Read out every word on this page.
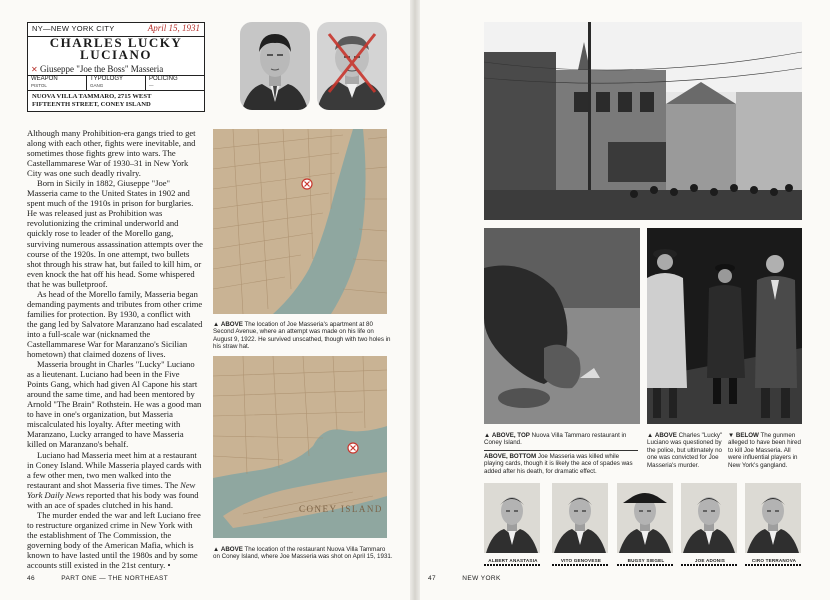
NY—NEW YORK CITY	April 15, 1931
CHARLES LUCKY LUCIANO
✕ Giuseppe "Joe the Boss" Masseria
WEAPON
PISTOL
TYPOLOGY
GANG
POLICING
—
NUOVA VILLA TAMMARO, 2715 WEST
FIFTEENTH STREET, CONEY ISLAND

Although many Prohibition-era gangs tried to get along with each other, fights were inevitable, and sometimes those fights grew into wars. The Castellammarese War of 1930–31 in New York City was one such deadly rivalry.

Born in Sicily in 1882, Giuseppe "Joe" Masseria came to the United States in 1902 and spent much of the 1910s in prison for burglaries. He was released just as Prohibition was revolutionizing the criminal underworld and quickly rose to leader of the Morello gang, surviving numerous assassination attempts over the course of the 1920s. In one attempt, two bullets shot through his straw hat, but failed to kill him, or even knock the hat off his head. Some whispered that he was bulletproof.

As head of the Morello family, Masseria began demanding payments and tributes from other crime families for protection. By 1930, a conflict with the gang led by Salvatore Maranzano had escalated into a full-scale war (nicknamed the Castellammarese War for Maranzano's Sicilian hometown) that claimed dozens of lives.

Masseria brought in Charles "Lucky" Luciano as a lieutenant. Luciano had been in the Five Points Gang, which had given Al Capone his start around the same time, and had been mentored by Arnold "The Brain" Rothstein. He was a good man to have in one's organization, but Masseria miscalculated his loyalty. After meeting with Maranzano, Lucky arranged to have Masseria killed on Maranzano's behalf.

Luciano had Masseria meet him at a restaurant in Coney Island. While Masseria played cards with a few other men, two men walked into the restaurant and shot Masseria five times. The New York Daily News reported that his body was found with an ace of spades clutched in his hand.

The murder ended the war and left Luciano free to restructure organized crime in New York with the establishment of The Commission, the governing body of the American Mafia, which is known to have lasted until the 1980s and by some accounts still existed in the 21st century. •

▲ ABOVE The location of Joe Masseria's apartment at 80 Second Avenue, where an attempt was made on his life on August 9, 1922. He survived unscathed, though with two holes in his straw hat.
CONEY ISLAND
▲ ABOVE The location of the restaurant Nuova Villa Tammaro on Coney Island, where Joe Masseria was shot on April 15, 1931.
46	PART ONE — THE NORTHEAST
▲ ABOVE, TOP Nuova Villa Tammaro restaurant in Coney Island.
ABOVE, BOTTOM Joe Masseria was killed while playing cards, though it is likely the ace of spades was added after his death, for dramatic effect.
▲ ABOVE Charles "Lucky" Luciano was questioned by the police, but ultimately no one was convicted for Joe Masseria's murder.
▼ BELOW The gunmen alleged to have been hired to kill Joe Masseria. All were influential players in New York's gangland.
ALBERT ANASTASIA	VITO GENOVESE	BUGSY SIEGEL	JOE ADONIS	CIRO TERRANOVA
47	NEW YORK
